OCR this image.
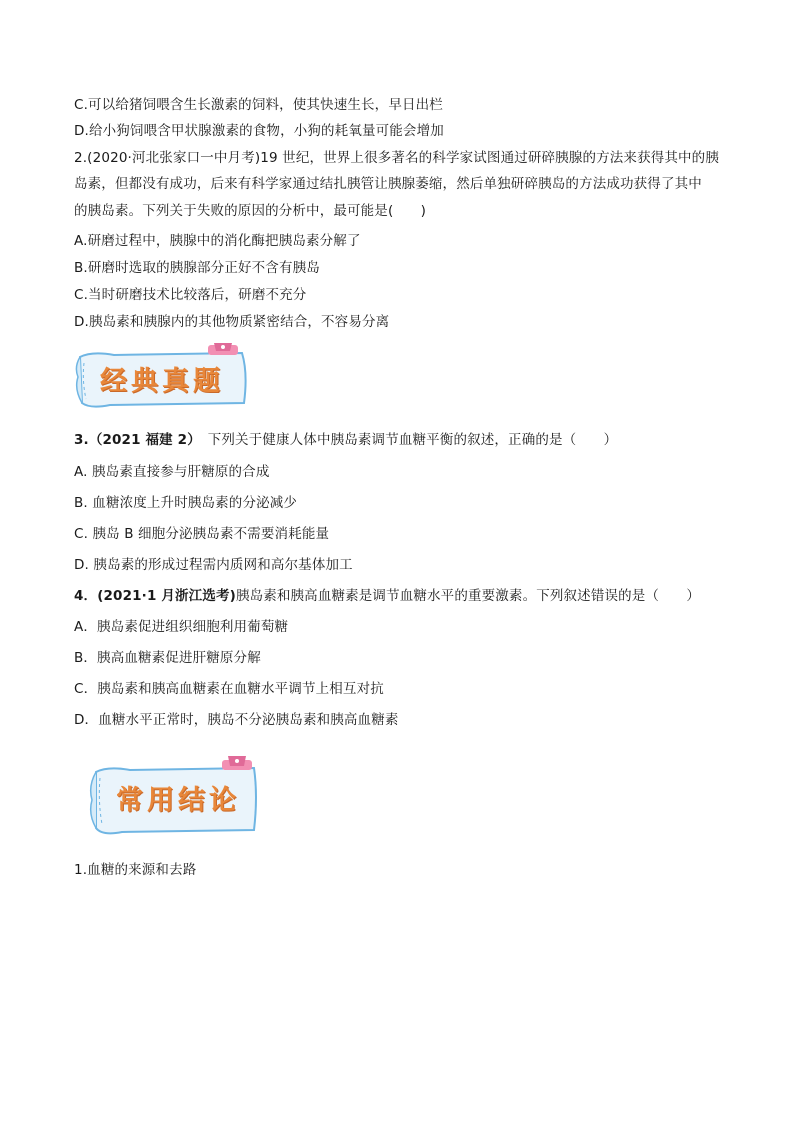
C.可以给猪饲喂含生长激素的饲料，使其快速生长，早日出栏
D.给小狗饲喂含甲状腺激素的食物，小狗的耗氧量可能会增加
2.(2020·河北张家口一中月考)19 世纪，世界上很多著名的科学家试图通过研碎胰腺的方法来获得其中的胰
岛素，但都没有成功，后来有科学家通过结扎胰管让胰腺萎缩，然后单独研碎胰岛的方法成功获得了其中
的胰岛素。下列关于失败的原因的分析中，最可能是(　　)
A.研磨过程中，胰腺中的消化酶把胰岛素分解了
B.研磨时选取的胰腺部分正好不含有胰岛
C.当时研磨技术比较落后，研磨不充分
D.胰岛素和胰腺内的其他物质紧密结合，不容易分离
经典真题
3.（2021 福建 2）　下列关于健康人体中胰岛素调节血糖平衡的叙述，正确的是（　　）
A. 胰岛素直接参与肝糖原的合成
B. 血糖浓度上升时胰岛素的分泌减少
C. 胰岛 B 细胞分泌胰岛素不需要消耗能量
D. 胰岛素的形成过程需内质网和高尔基体加工
4．(2021·1 月浙江选考)胰岛素和胰高血糖素是调节血糖水平的重要激素。下列叙述错误的是（　　）
A．胰岛素促进组织细胞利用葡萄糖
B．胰高血糖素促进肝糖原分解
C．胰岛素和胰高血糖素在血糖水平调节上相互对抗
D．血糖水平正常时，胰岛不分泌胰岛素和胰高血糖素
常用结论
1.血糖的来源和去路
